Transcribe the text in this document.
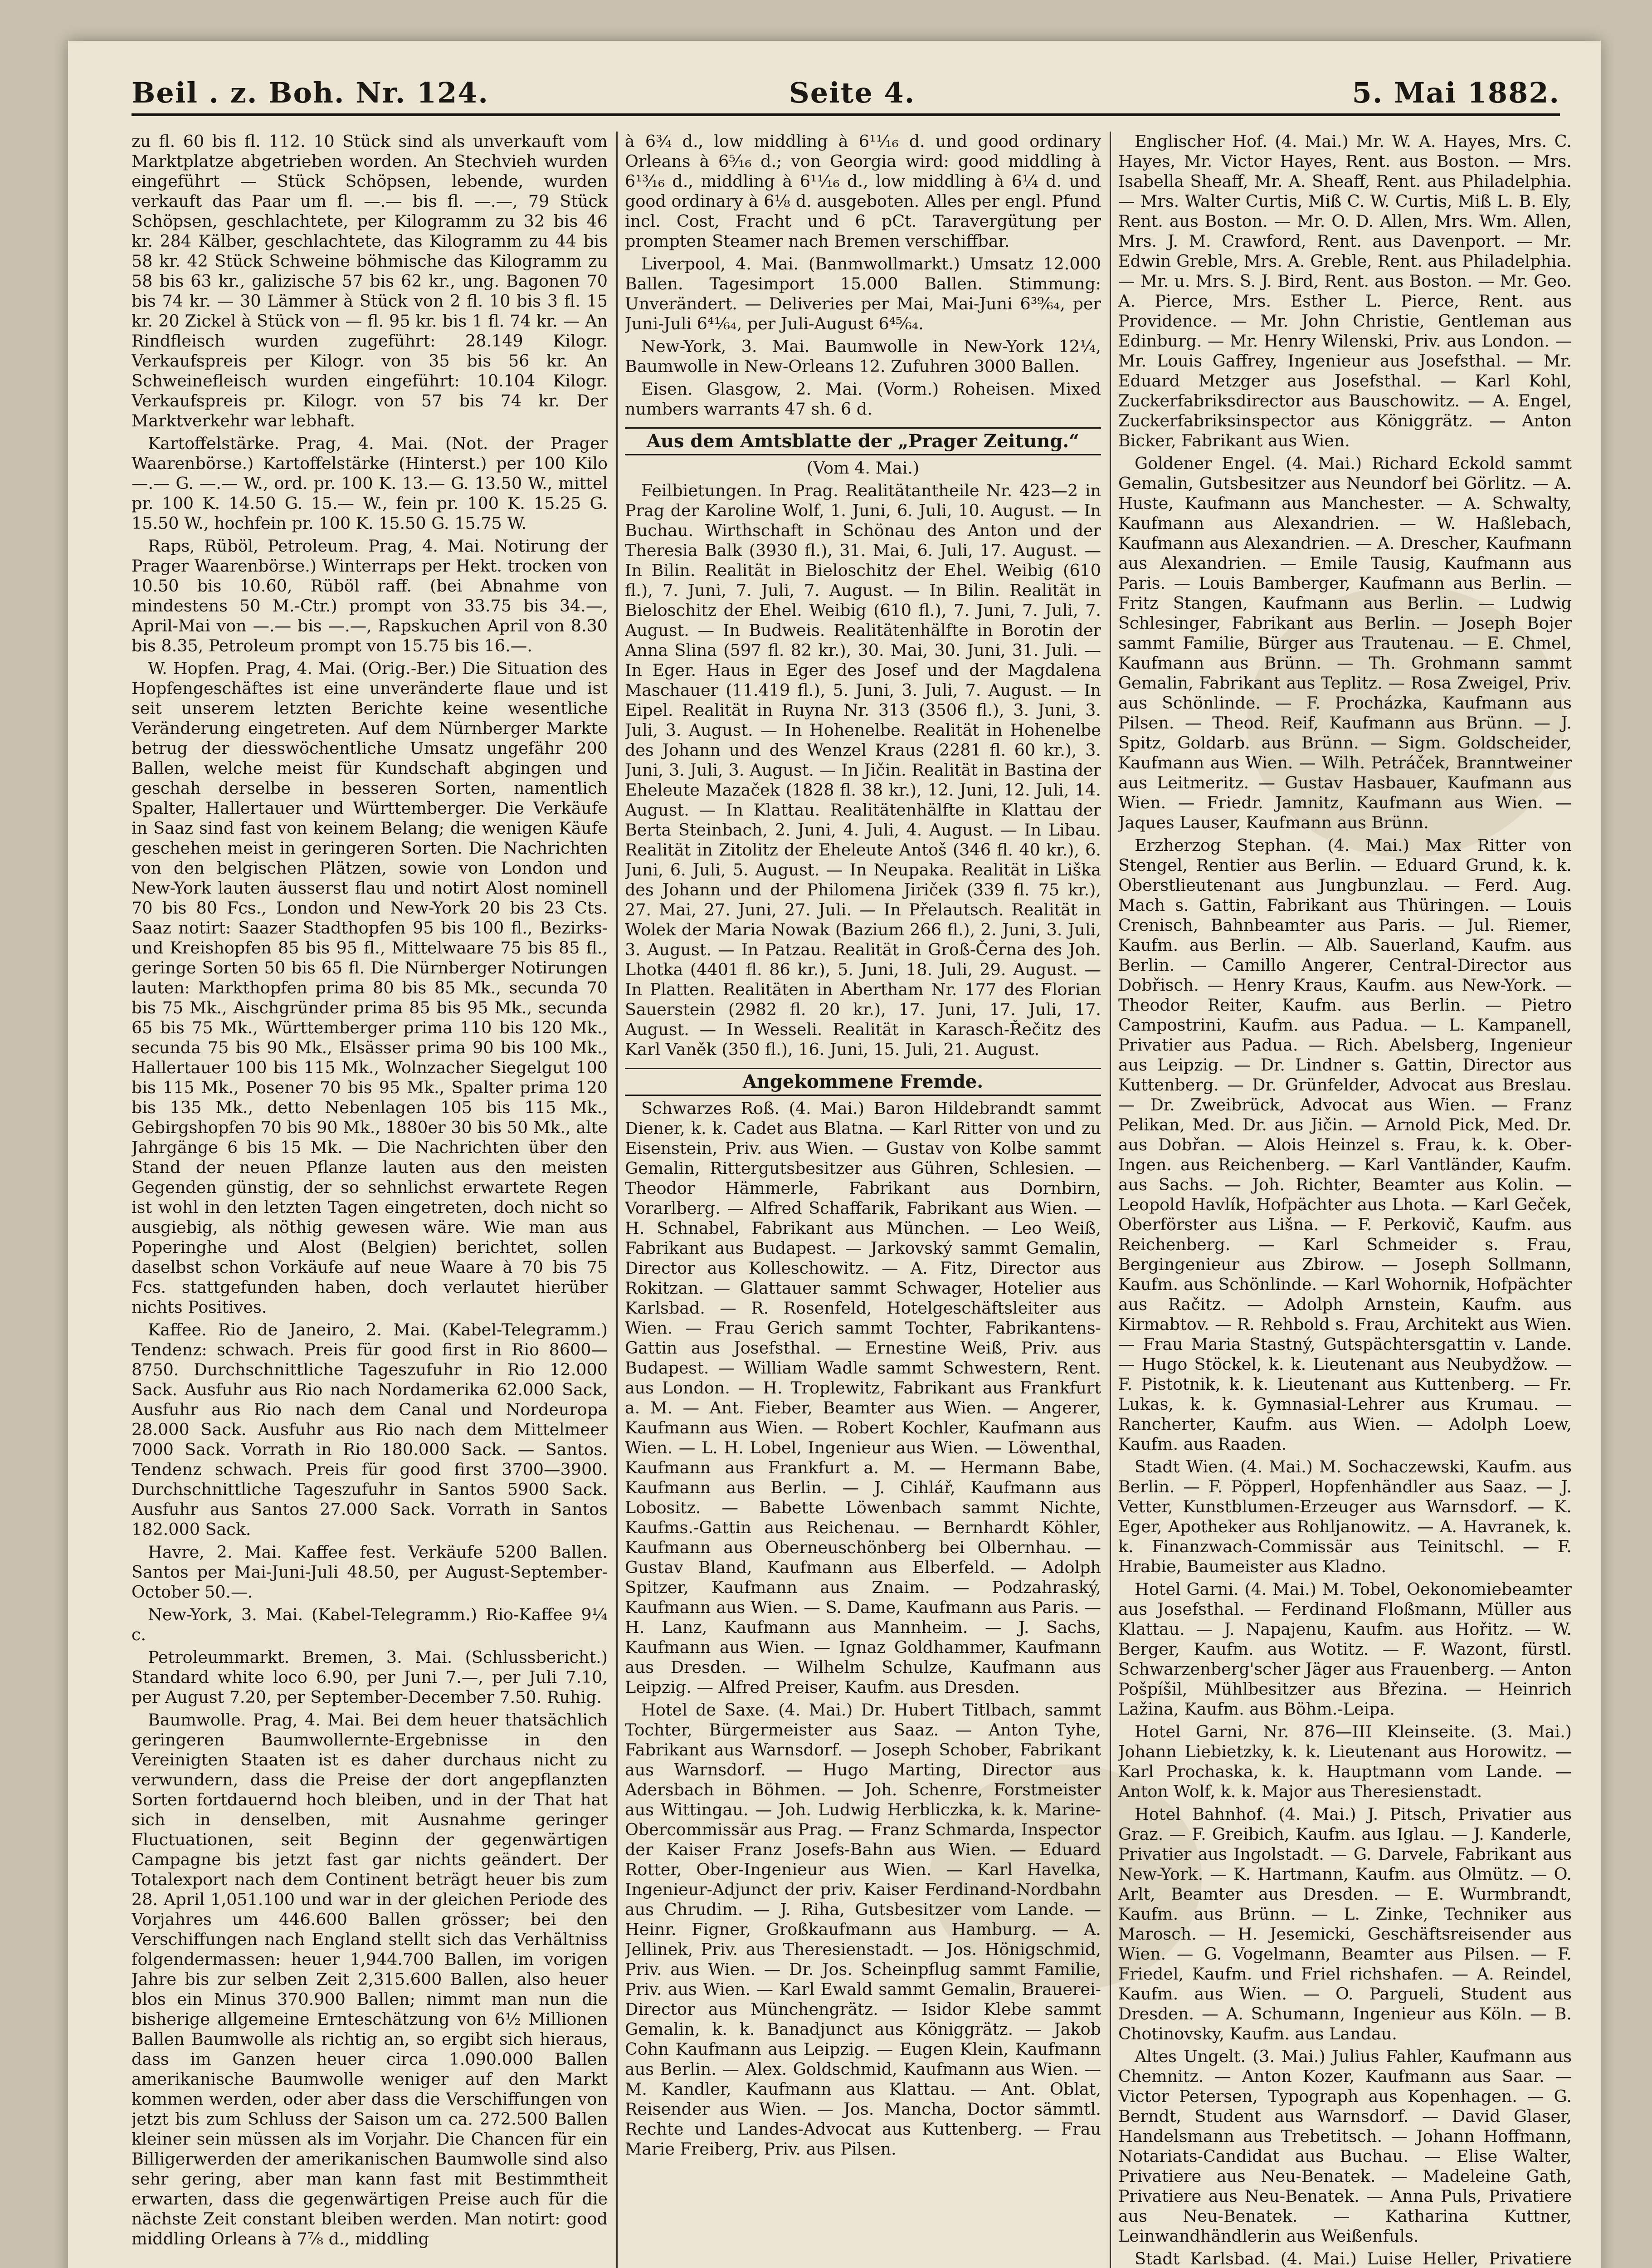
Beil . z. Boh. Nr. 124.	Seite 4.	5. Mai 1882.

zu fl. 60 bis fl. 112. 10 Stück sind als unverkauft vom Marktplatze abgetrieben worden. An Stechvieh wurden eingeführt — Stück Schöpsen, lebende, wurden verkauft das Paar um fl. —.— bis fl. —.—, 79 Stück Schöpsen, geschlachtete, per Kilogramm zu 32 bis 46 kr. 284 Kälber, geschlachtete, das Kilogramm zu 44 bis 58 kr. 42 Stück Schweine böhmische das Kilogramm zu 58 bis 63 kr., galizische 57 bis 62 kr., ung. Bagonen 70 bis 74 kr. — 30 Lämmer à Stück von 2 fl. 10 bis 3 fl. 15 kr. 20 Zickel à Stück von — fl. 95 kr. bis 1 fl. 74 kr. — An Rindfleisch wurden zugeführt: 28.149 Kilogr. Verkaufspreis per Kilogr. von 35 bis 56 kr. An Schweinefleisch wurden eingeführt: 10.104 Kilogr. Verkaufspreis pr. Kilogr. von 57 bis 74 kr. Der Marktverkehr war lebhaft.

Kartoffelstärke. Prag, 4. Mai. (Not. der Prager Waarenbörse.) Kartoffelstärke (Hinterst.) per 100 Kilo —.— G. —.— W., ord. pr. 100 K. 13.— G. 13.50 W., mittel pr. 100 K. 14.50 G. 15.— W., fein pr. 100 K. 15.25 G. 15.50 W., hochfein pr. 100 K. 15.50 G. 15.75 W.

Raps, Rüböl, Petroleum. Prag, 4. Mai. Notirung der Prager Waarenbörse.) Winterraps per Hekt. trocken von 10.50 bis 10.60, Rüböl raff. (bei Abnahme von mindestens 50 M.-Ctr.) prompt von 33.75 bis 34.—, April-Mai von —.— bis —.—, Rapskuchen April von 8.30 bis 8.35, Petroleum prompt von 15.75 bis 16.—.

W. Hopfen. Prag, 4. Mai. (Orig.-Ber.) Die Situation des Hopfengeschäftes ist eine unveränderte flaue und ist seit unserem letzten Berichte keine wesentliche Veränderung eingetreten. Auf dem Nürnberger Markte betrug der diesswöchentliche Umsatz ungefähr 200 Ballen, welche meist für Kundschaft abgingen und geschah derselbe in besseren Sorten, namentlich Spalter, Hallertauer und Württemberger. Die Verkäufe in Saaz sind fast von keinem Belang; die wenigen Käufe geschehen meist in geringeren Sorten. Die Nachrichten von den belgischen Plätzen, sowie von London und New-York lauten äusserst flau und notirt Alost nominell 70 bis 80 Fcs., London und New-York 20 bis 23 Cts. Saaz notirt: Saazer Stadthopfen 95 bis 100 fl., Bezirks- und Kreishopfen 85 bis 95 fl., Mittelwaare 75 bis 85 fl., geringe Sorten 50 bis 65 fl. Die Nürnberger Notirungen lauten: Markthopfen prima 80 bis 85 Mk., secunda 70 bis 75 Mk., Aischgründer prima 85 bis 95 Mk., secunda 65 bis 75 Mk., Württemberger prima 110 bis 120 Mk., secunda 75 bis 90 Mk., Elsässer prima 90 bis 100 Mk., Hallertauer 100 bis 115 Mk., Wolnzacher Siegelgut 100 bis 115 Mk., Posener 70 bis 95 Mk., Spalter prima 120 bis 135 Mk., detto Nebenlagen 105 bis 115 Mk., Gebirgshopfen 70 bis 90 Mk., 1880er 30 bis 50 Mk., alte Jahrgänge 6 bis 15 Mk. — Die Nachrichten über den Stand der neuen Pflanze lauten aus den meisten Gegenden günstig, der so sehnlichst erwartete Regen ist wohl in den letzten Tagen eingetreten, doch nicht so ausgiebig, als nöthig gewesen wäre. Wie man aus Poperinghe und Alost (Belgien) berichtet, sollen daselbst schon Vorkäufe auf neue Waare à 70 bis 75 Fcs. stattgefunden haben, doch verlautet hierüber nichts Positives.

Kaffee. Rio de Janeiro, 2. Mai. (Kabel-Telegramm.) Tendenz: schwach. Preis für good first in Rio 8600—8750. Durchschnittliche Tageszufuhr in Rio 12.000 Sack. Ausfuhr aus Rio nach Nordamerika 62.000 Sack, Ausfuhr aus Rio nach dem Canal und Nordeuropa 28.000 Sack. Ausfuhr aus Rio nach dem Mittelmeer 7000 Sack. Vorrath in Rio 180.000 Sack. — Santos. Tendenz schwach. Preis für good first 3700—3900. Durchschnittliche Tageszufuhr in Santos 5900 Sack. Ausfuhr aus Santos 27.000 Sack. Vorrath in Santos 182.000 Sack.

Havre, 2. Mai. Kaffee fest. Verkäufe 5200 Ballen. Santos per Mai-Juni-Juli 48.50, per August-September-October 50.—.

New-York, 3. Mai. (Kabel-Telegramm.) Rio-Kaffee 9¼ c.

Petroleummarkt. Bremen, 3. Mai. (Schlussbericht.) Standard white loco 6.90, per Juni 7.—, per Juli 7.10, per August 7.20, per September-December 7.50. Ruhig.

Baumwolle. Prag, 4. Mai. Bei dem heuer thatsächlich geringeren Baumwollernte-Ergebnisse in den Vereinigten Staaten ist es daher durchaus nicht zu verwundern, dass die Preise der dort angepflanzten Sorten fortdauernd hoch bleiben, und in der That hat sich in denselben, mit Ausnahme geringer Fluctuationen, seit Beginn der gegenwärtigen Campagne bis jetzt fast gar nichts geändert. Der Totalexport nach dem Continent beträgt heuer bis zum 28. April 1,051.100 und war in der gleichen Periode des Vorjahres um 446.600 Ballen grösser; bei den Verschiffungen nach England stellt sich das Verhältniss folgendermassen: heuer 1,944.700 Ballen, im vorigen Jahre bis zur selben Zeit 2,315.600 Ballen, also heuer blos ein Minus 370.900 Ballen; nimmt man nun die bisherige allgemeine Ernteschätzung von 6½ Millionen Ballen Baumwolle als richtig an, so ergibt sich hieraus, dass im Ganzen heuer circa 1.090.000 Ballen amerikanische Baumwolle weniger auf den Markt kommen werden, oder aber dass die Verschiffungen von jetzt bis zum Schluss der Saison um ca. 272.500 Ballen kleiner sein müssen als im Vorjahr. Die Chancen für ein Billigerwerden der amerikanischen Baumwolle sind also sehr gering, aber man kann fast mit Bestimmtheit erwarten, dass die gegenwärtigen Preise auch für die nächste Zeit constant bleiben werden. Man notirt: good middling Orleans à 7⅞ d., middling

à 6¾ d., low middling à 6¹¹⁄₁₆ d. und good ordinary Orleans à 6⁵⁄₁₆ d.; von Georgia wird: good middling à 6¹³⁄₁₆ d., middling à 6¹¹⁄₁₆ d., low middling à 6¼ d. und good ordinary à 6⅛ d. ausgeboten. Alles per engl. Pfund incl. Cost, Fracht und 6 pCt. Taravergütung per prompten Steamer nach Bremen verschiffbar.

Liverpool, 4. Mai. (Banmwollmarkt.) Umsatz 12.000 Ballen. Tagesimport 15.000 Ballen. Stimmung: Unverändert. — Deliveries per Mai, Mai-Juni 6³⁹⁄₆₄, per Juni-Juli 6⁴¹⁄₆₄, per Juli-August 6⁴⁵⁄₆₄.

New-York, 3. Mai. Baumwolle in New-York 12¼, Baumwolle in New-Orleans 12. Zufuhren 3000 Ballen.

Eisen. Glasgow, 2. Mai. (Vorm.) Roheisen. Mixed numbers warrants 47 sh. 6 d.

Aus dem Amtsblatte der „Prager Zeitung.“
(Vom 4. Mai.)

Feilbietungen. In Prag. Realitätantheile Nr. 423—2 in Prag der Karoline Wolf, 1. Juni, 6. Juli, 10. August. — In Buchau. Wirthschaft in Schönau des Anton und der Theresia Balk (3930 fl.), 31. Mai, 6. Juli, 17. August. — In Bilin. Realität in Bieloschitz der Ehel. Weibig (610 fl.), 7. Juni, 7. Juli, 7. August. — In Bilin. Realität in Bieloschitz der Ehel. Weibig (610 fl.), 7. Juni, 7. Juli, 7. August. — In Budweis. Realitätenhälfte in Borotin der Anna Slina (597 fl. 82 kr.), 30. Mai, 30. Juni, 31. Juli. — In Eger. Haus in Eger des Josef und der Magdalena Maschauer (11.419 fl.), 5. Juni, 3. Juli, 7. August. — In Eipel. Realität in Ruyna Nr. 313 (3506 fl.), 3. Juni, 3. Juli, 3. August. — In Hohenelbe. Realität in Hohenelbe des Johann und des Wenzel Kraus (2281 fl. 60 kr.), 3. Juni, 3. Juli, 3. August. — In Jičin. Realität in Bastina der Eheleute Mazaček (1828 fl. 38 kr.), 12. Juni, 12. Juli, 14. August. — In Klattau. Realitätenhälfte in Klattau der Berta Steinbach, 2. Juni, 4. Juli, 4. August. — In Libau. Realität in Zitolitz der Eheleute Antoš (346 fl. 40 kr.), 6. Juni, 6. Juli, 5. August. — In Neupaka. Realität in Liška des Johann und der Philomena Jiriček (339 fl. 75 kr.), 27. Mai, 27. Juni, 27. Juli. — In Přelautsch. Realität in Wolek der Maria Nowak (Bazium 266 fl.), 2. Juni, 3. Juli, 3. August. — In Patzau. Realität in Groß-Černa des Joh. Lhotka (4401 fl. 86 kr.), 5. Juni, 18. Juli, 29. August. — In Platten. Realitäten in Abertham Nr. 177 des Florian Sauerstein (2982 fl. 20 kr.), 17. Juni, 17. Juli, 17. August. — In Wesseli. Realität in Karasch-Řečitz des Karl Vaněk (350 fl.), 16. Juni, 15. Juli, 21. August.

Angekommene Fremde.

Schwarzes Roß. (4. Mai.) Baron Hildebrandt sammt Diener, k. k. Cadet aus Blatna. — Karl Ritter von und zu Eisenstein, Priv. aus Wien. — Gustav von Kolbe sammt Gemalin, Rittergutsbesitzer aus Gühren, Schlesien. — Theodor Hämmerle, Fabrikant aus Dornbirn, Vorarlberg. — Alfred Schaffarik, Fabrikant aus Wien. — H. Schnabel, Fabrikant aus München. — Leo Weiß, Fabrikant aus Budapest. — Jarkovský sammt Gemalin, Director aus Kolleschowitz. — A. Fitz, Director aus Rokitzan. — Glattauer sammt Schwager, Hotelier aus Karlsbad. — R. Rosenfeld, Hotelgeschäftsleiter aus Wien. — Frau Gerich sammt Tochter, Fabrikantens-Gattin aus Josefsthal. — Ernestine Weiß, Priv. aus Budapest. — William Wadle sammt Schwestern, Rent. aus London. — H. Troplewitz, Fabrikant aus Frankfurt a. M. — Ant. Fieber, Beamter aus Wien. — Angerer, Kaufmann aus Wien. — Robert Kochler, Kaufmann aus Wien. — L. H. Lobel, Ingenieur aus Wien. — Löwenthal, Kaufmann aus Frankfurt a. M. — Hermann Babe, Kaufmann aus Berlin. — J. Cihlář, Kaufmann aus Lobositz. — Babette Löwenbach sammt Nichte, Kaufms.-Gattin aus Reichenau. — Bernhardt Köhler, Kaufmann aus Oberneuschönberg bei Olbernhau. — Gustav Bland, Kaufmann aus Elberfeld. — Adolph Spitzer, Kaufmann aus Znaim. — Podzahraský, Kaufmann aus Wien. — S. Dame, Kaufmann aus Paris. — H. Lanz, Kaufmann aus Mannheim. — J. Sachs, Kaufmann aus Wien. — Ignaz Goldhammer, Kaufmann aus Dresden. — Wilhelm Schulze, Kaufmann aus Leipzig. — Alfred Preiser, Kaufm. aus Dresden.

Hotel de Saxe. (4. Mai.) Dr. Hubert Titlbach, sammt Tochter, Bürgermeister aus Saaz. — Anton Tyhe, Fabrikant aus Warnsdorf. — Joseph Schober, Fabrikant aus Warnsdorf. — Hugo Marting, Director aus Adersbach in Böhmen. — Joh. Schenre, Forstmeister aus Wittingau. — Joh. Ludwig Herbliczka, k. k. Marine-Obercommissär aus Prag. — Franz Schmarda, Inspector der Kaiser Franz Josefs-Bahn aus Wien. — Eduard Rotter, Ober-Ingenieur aus Wien. — Karl Havelka, Ingenieur-Adjunct der priv. Kaiser Ferdinand-Nordbahn aus Chrudim. — J. Riha, Gutsbesitzer vom Lande. — Heinr. Figner, Großkaufmann aus Hamburg. — A. Jellinek, Priv. aus Theresienstadt. — Jos. Hönigschmid, Priv. aus Wien. — Dr. Jos. Scheinpflug sammt Familie, Priv. aus Wien. — Karl Ewald sammt Gemalin, Brauerei-Director aus Münchengrätz. — Isidor Klebe sammt Gemalin, k. k. Banadjunct aus Königgrätz. — Jakob Cohn Kaufmann aus Leipzig. — Eugen Klein, Kaufmann aus Berlin. — Alex. Goldschmid, Kaufmann aus Wien. — M. Kandler, Kaufmann aus Klattau. — Ant. Oblat, Reisender aus Wien. — Jos. Mancha, Doctor sämmtl. Rechte und Landes-Advocat aus Kuttenberg. — Frau Marie Freiberg, Priv. aus Pilsen.

Englischer Hof. (4. Mai.) Mr. W. A. Hayes, Mrs. C. Hayes, Mr. Victor Hayes, Rent. aus Boston. — Mrs. Isabella Sheaff, Mr. A. Sheaff, Rent. aus Philadelphia. — Mrs. Walter Curtis, Miß C. W. Curtis, Miß L. B. Ely, Rent. aus Boston. — Mr. O. D. Allen, Mrs. Wm. Allen, Mrs. J. M. Crawford, Rent. aus Davenport. — Mr. Edwin Greble, Mrs. A. Greble, Rent. aus Philadelphia. — Mr. u. Mrs. S. J. Bird, Rent. aus Boston. — Mr. Geo. A. Pierce, Mrs. Esther L. Pierce, Rent. aus Providence. — Mr. John Christie, Gentleman aus Edinburg. — Mr. Henry Wilenski, Priv. aus London. — Mr. Louis Gaffrey, Ingenieur aus Josefsthal. — Mr. Eduard Metzger aus Josefsthal. — Karl Kohl, Zuckerfabriksdirector aus Bauschowitz. — A. Engel, Zuckerfabriksinspector aus Königgrätz. — Anton Bicker, Fabrikant aus Wien.

Goldener Engel. (4. Mai.) Richard Eckold sammt Gemalin, Gutsbesitzer aus Neundorf bei Görlitz. — A. Huste, Kaufmann aus Manchester. — A. Schwalty, Kaufmann aus Alexandrien. — W. Haßlebach, Kaufmann aus Alexandrien. — A. Drescher, Kaufmann aus Alexandrien. — Emile Tausig, Kaufmann aus Paris. — Louis Bamberger, Kaufmann aus Berlin. — Fritz Stangen, Kaufmann aus Berlin. — Ludwig Schlesinger, Fabrikant aus Berlin. — Joseph Bojer sammt Familie, Bürger aus Trautenau. — E. Chmel, Kaufmann aus Brünn. — Th. Grohmann sammt Gemalin, Fabrikant aus Teplitz. — Rosa Zweigel, Priv. aus Schönlinde. — F. Procházka, Kaufmann aus Pilsen. — Theod. Reif, Kaufmann aus Brünn. — J. Spitz, Goldarb. aus Brünn. — Sigm. Goldscheider, Kaufmann aus Wien. — Wilh. Petráček, Branntweiner aus Leitmeritz. — Gustav Hasbauer, Kaufmann aus Wien. — Friedr. Jamnitz, Kaufmann aus Wien. — Jaques Lauser, Kaufmann aus Brünn.

Erzherzog Stephan. (4. Mai.) Max Ritter von Stengel, Rentier aus Berlin. — Eduard Grund, k. k. Oberstlieutenant aus Jungbunzlau. — Ferd. Aug. Mach s. Gattin, Fabrikant aus Thüringen. — Louis Crenisch, Bahnbeamter aus Paris. — Jul. Riemer, Kaufm. aus Berlin. — Alb. Sauerland, Kaufm. aus Berlin. — Camillo Angerer, Central-Director aus Dobřisch. — Henry Kraus, Kaufm. aus New-York. — Theodor Reiter, Kaufm. aus Berlin. — Pietro Campostrini, Kaufm. aus Padua. — L. Kampanell, Privatier aus Padua. — Rich. Abelsberg, Ingenieur aus Leipzig. — Dr. Lindner s. Gattin, Director aus Kuttenberg. — Dr. Grünfelder, Advocat aus Breslau. — Dr. Zweibrück, Advocat aus Wien. — Franz Pelikan, Med. Dr. aus Jičin. — Arnold Pick, Med. Dr. aus Dobřan. — Alois Heinzel s. Frau, k. k. Ober-Ingen. aus Reichenberg. — Karl Vantländer, Kaufm. aus Sachs. — Joh. Richter, Beamter aus Kolin. — Leopold Havlík, Hofpächter aus Lhota. — Karl Geček, Oberförster aus Lišna. — F. Perkovič, Kaufm. aus Reichenberg. — Karl Schmeider s. Frau, Bergingenieur aus Zbirow. — Joseph Sollmann, Kaufm. aus Schönlinde. — Karl Wohornik, Hofpächter aus Račitz. — Adolph Arnstein, Kaufm. aus Kirmabtov. — R. Rehbold s. Frau, Architekt aus Wien. — Frau Maria Stastný, Gutspächtersgattin v. Lande. — Hugo Stöckel, k. k. Lieutenant aus Neubydžow. — F. Pistotnik, k. k. Lieutenant aus Kuttenberg. — Fr. Lukas, k. k. Gymnasial-Lehrer aus Krumau. — Rancherter, Kaufm. aus Wien. — Adolph Loew, Kaufm. aus Raaden.

Stadt Wien. (4. Mai.) M. Sochaczewski, Kaufm. aus Berlin. — F. Pöpperl, Hopfenhändler aus Saaz. — J. Vetter, Kunstblumen-Erzeuger aus Warnsdorf. — K. Eger, Apotheker aus Rohljanowitz. — A. Havranek, k. k. Finanzwach-Commissär aus Teinitschl. — F. Hrabie, Baumeister aus Kladno.

Hotel Garni. (4. Mai.) M. Tobel, Oekonomiebeamter aus Josefsthal. — Ferdinand Floßmann, Müller aus Klattau. — J. Napajenu, Kaufm. aus Hořitz. — W. Berger, Kaufm. aus Wotitz. — F. Wazont, fürstl. Schwarzenberg'scher Jäger aus Frauenberg. — Anton Pošpíšil, Mühlbesitzer aus Březina. — Heinrich Lažina, Kaufm. aus Böhm.-Leipa.

Hotel Garni, Nr. 876—III Kleinseite. (3. Mai.) Johann Liebietzky, k. k. Lieutenant aus Horowitz. — Karl Prochaska, k. k. Hauptmann vom Lande. — Anton Wolf, k. k. Major aus Theresienstadt.

Hotel Bahnhof. (4. Mai.) J. Pitsch, Privatier aus Graz. — F. Greibich, Kaufm. aus Iglau. — J. Kanderle, Privatier aus Ingolstadt. — G. Darvele, Fabrikant aus New-York. — K. Hartmann, Kaufm. aus Olmütz. — O. Arlt, Beamter aus Dresden. — E. Wurmbrandt, Kaufm. aus Brünn. — L. Zinke, Techniker aus Marosch. — H. Jesemicki, Geschäftsreisender aus Wien. — G. Vogelmann, Beamter aus Pilsen. — F. Friedel, Kaufm. und Friel richshafen. — A. Reindel, Kaufm. aus Wien. — O. Pargueli, Student aus Dresden. — A. Schumann, Ingenieur aus Köln. — B. Chotinovsky, Kaufm. aus Landau.

Altes Ungelt. (3. Mai.) Julius Fahler, Kaufmann aus Chemnitz. — Anton Kozer, Kaufmann aus Saar. — Victor Petersen, Typograph aus Kopenhagen. — G. Berndt, Student aus Warnsdorf. — David Glaser, Handelsmann aus Trebetitsch. — Johann Hoffmann, Notariats-Candidat aus Buchau. — Elise Walter, Privatiere aus Neu-Benatek. — Madeleine Gath, Privatiere aus Neu-Benatek. — Anna Puls, Privatiere aus Neu-Benatek. — Katharina Kuttner, Leinwandhändlerin aus Weißenfuls.

Stadt Karlsbad. (4. Mai.) Luise Heller, Privatiere
